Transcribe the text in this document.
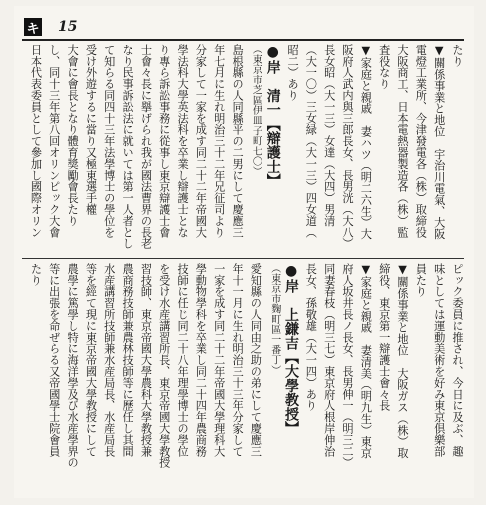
キ 15
たり
▼關係事業と地位　宇治川電氣、大阪
電燈工業所、今津發電各（株）取締役
大阪商工、日本電熱器製造各（株）監
査役なり
▼家庭と親戚　妻ハツ（明二六生）大
阪府人武内與三郎長女、長男洸（大八）
長女昭（大一三）女達（大四）男清
（大一〇）三女緑（大一三）四女道（
昭二）あり
●岸　清一【辯護士】
（東京市芝區伊皿子町七〇）
島根縣の人同縣平の二男にして慶應三
年七月に生れ明治三十二年兄征司より
分家して一家を成す同二十二年帝國大
學法科大學英法科を卒業し辯護士とな
り專ら訴訟事務に從事し東京辯護士會
士會々長に擧げられ我が國法曹界の長老
なり民事訴訟法に就いては第一人者とし
て知らる同四十三年法學博士の學位を
受け外遊するに當り又極東選手權
大會に會長となり體育獎勵會長たり
し、同十三年第八回オリンピック大會
日本代表委員として參加し國際オリン
ピック委員に推され、今日に及ぶ、趣
味としては運動美術を好み東京倶樂部
員たり
▼關係事業と地位　大阪ガス（株）取
締役、東京第一辯護士會々長
▼家庭と親戚　妻清美（明九生）東京
府人坂井長ノ長女、長男伸一（明三二）
同妻春枝（明三七）東京府人根岸伸治
長女、孫敬雄（大一四）あり
●岸　上鎌吉【大學教授】
（東京市麴町區一番丁）
愛知縣の人同由之助の弟にして慶應三
年十一月に生れ明治三十三年分家して
一家を成す同二十二年帝國大學理科大
學動物學科を卒業し同二十四年農商務
技師に任じ同二十八年理學博士の學位
を受け水産講習所長、東京帝國大學教授
習技師、東京帝國大學農科大學教授兼
農商務技師兼農林技師等に歷任し其間
水産講習所技師兼水産局長、水産局長
等を經て現に東京帝國大學教授にして
農學に篤學し特に海洋學及び水産學界の
等に出張を命ぜらる又帝國學士院會員
たり
